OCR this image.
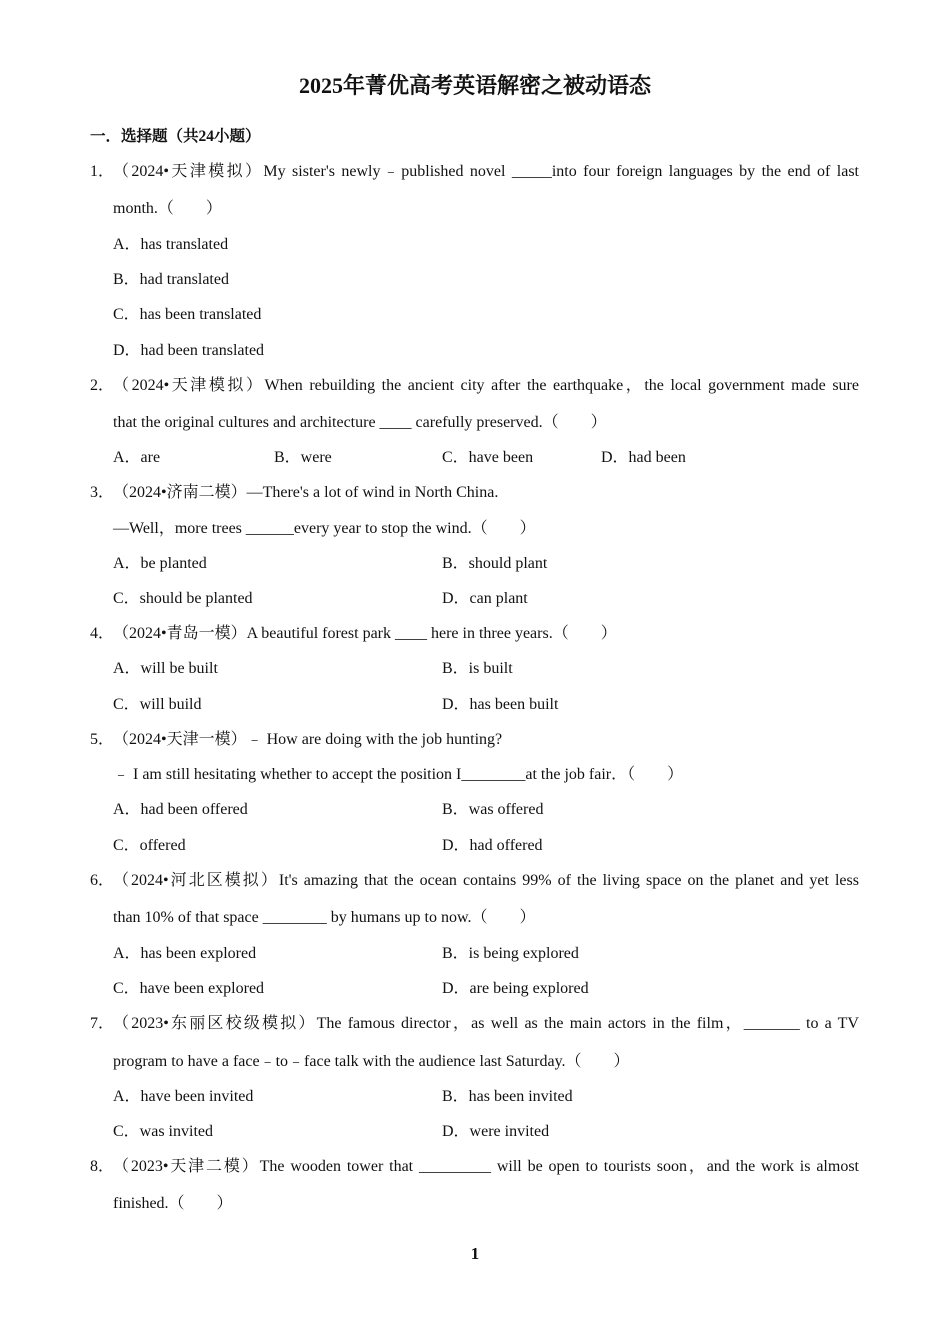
2025年菁优高考英语解密之被动语态
一．选择题（共24小题）
1．
（2024•天津模拟）My sister's newly﹣published novel _____into four foreign languages by the end of last
month.（　　）
A．has translated
B．had translated
C．has been translated
D．had been translated
2．
（2024•天津模拟）When rebuilding the ancient city after the earthquake，the local government made sure
that the original cultures and architecture ____ carefully preserved.（　　）
A．are	B．were	C．have been	D．had been
3．
（2024•济南二模）—There's a lot of wind in North China.
—Well，more trees ______every year to stop the wind.（　　）
A．be planted	B．should plant
C．should be planted	D．can plant
4．
（2024•青岛一模）A beautiful forest park ____ here in three years.（　　）
A．will be built	B．is built
C．will build	D．has been built
5．
（2024•天津一模）﹣ How are doing with the job hunting?
﹣ I am still hesitating whether to accept the position I________at the job fair．（　　）
A．had been offered	B．was offered
C．offered	D．had offered
6．
（2024•河北区模拟）It's amazing that the ocean contains 99% of the living space on the planet and yet less
than 10% of that space ________ by humans up to now.（　　）
A．has been explored	B．is being explored
C．have been explored	D．are being explored
7．
（2023•东丽区校级模拟）The famous director，as well as the main actors in the film，_______ to a TV
program to have a face﹣to﹣face talk with the audience last Saturday.（　　）
A．have been invited	B．has been invited
C．was invited	D．were invited
8．
（2023•天津二模）The wooden tower that _________ will be open to tourists soon，and the work is almost
finished.（　　）
1
